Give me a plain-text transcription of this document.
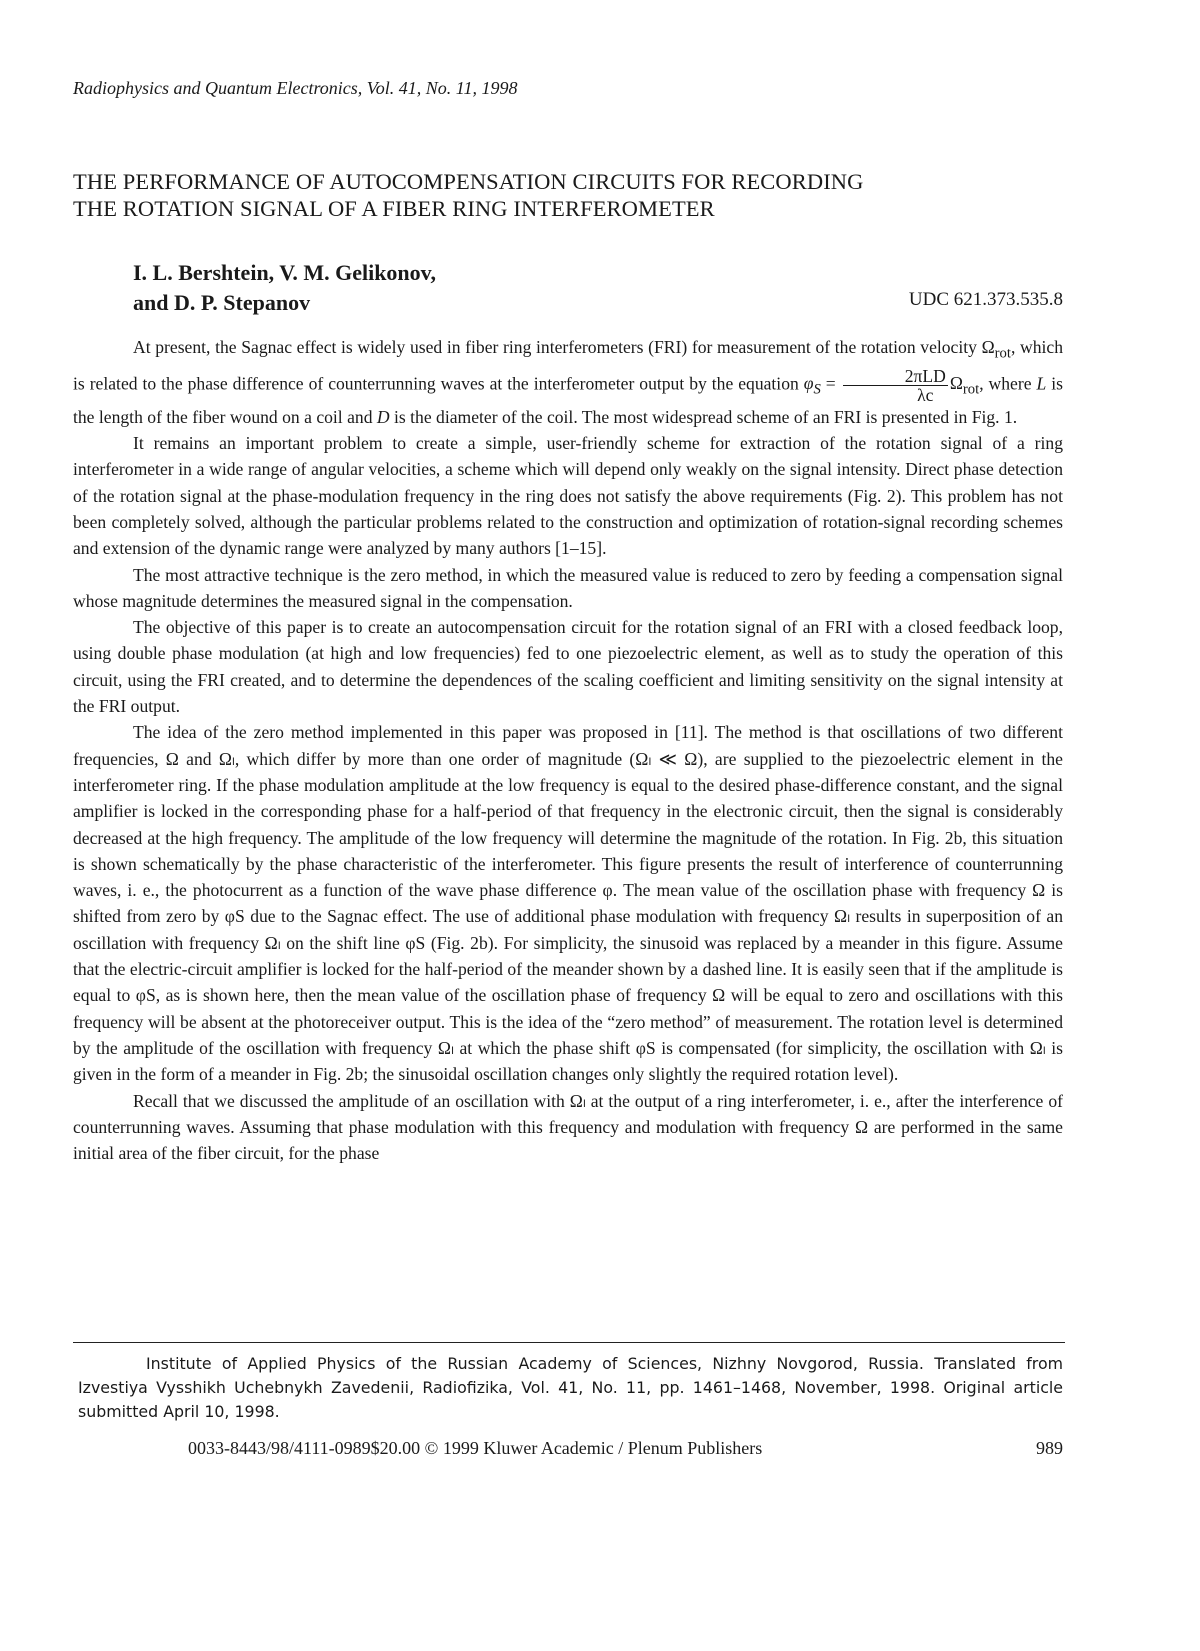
Radiophysics and Quantum Electronics, Vol. 41, No. 11, 1998
THE PERFORMANCE OF AUTOCOMPENSATION CIRCUITS FOR RECORDING
THE ROTATION SIGNAL OF A FIBER RING INTERFEROMETER
I. L. Bershtein, V. M. Gelikonov,
and D. P. Stepanov	UDC 621.373.535.8

At present, the Sagnac effect is widely used in fiber ring interferometers (FRI) for measurement of the rotation velocity $\Omega_{rot}$, which is related to the phase difference of counterrunning waves at the interferometer output by the equation $\varphi_S = \frac{\text{2πLD}}{\lambda c} \Omega_{rot}$, where L is the length of the fiber wound on a coil and D is the diameter of the coil. The most widespread scheme of an FRI is presented in Fig. 1.

It remains an important problem to create a simple, user-friendly scheme for extraction of the rotation signal of a ring interferometer in a wide range of angular velocities, a scheme which will depend only weakly on the signal intensity. Direct phase detection of the rotation signal at the phase-modulation frequency in the ring does not satisfy the above requirements (Fig. 2). This problem has not been completely solved, although the particular problems related to the construction and optimization of rotation-signal recording schemes and extension of the dynamic range were analyzed by many authors [1–15].

The most attractive technique is the zero method, in which the measured value is reduced to zero by feeding a compensation signal whose magnitude determines the measured signal in the compensation.

The objective of this paper is to create an autocompensation circuit for the rotation signal of an FRI with a closed feedback loop, using double phase modulation (at high and low frequencies) fed to one piezoelectric element, as well as to study the operation of this circuit, using the FRI created, and to determine the dependences of the scaling coefficient and limiting sensitivity on the signal intensity at the FRI output.

The idea of the zero method implemented in this paper was proposed in [11]. The method is that oscillations of two different frequencies, Ω and Ωₗ, which differ by more than one order of magnitude (Ωₗ ≪ Ω), are supplied to the piezoelectric element in the interferometer ring. If the phase modulation amplitude at the low frequency is equal to the desired phase-difference constant, and the signal amplifier is locked in the corresponding phase for a half-period of that frequency in the electronic circuit, then the signal is considerably decreased at the high frequency. The amplitude of the low frequency will determine the magnitude of the rotation. In Fig. 2b, this situation is shown schematically by the phase characteristic of the interferometer. This figure presents the result of interference of counterrunning waves, i. e., the photocurrent as a function of the wave phase difference φ. The mean value of the oscillation phase with frequency Ω is shifted from zero by φS due to the Sagnac effect. The use of additional phase modulation with frequency Ωₗ results in superposition of an oscillation with frequency Ωₗ on the shift line φS (Fig. 2b). For simplicity, the sinusoid was replaced by a meander in this figure. Assume that the electric-circuit amplifier is locked for the half-period of the meander shown by a dashed line. It is easily seen that if the amplitude is equal to φS, as is shown here, then the mean value of the oscillation phase of frequency Ω will be equal to zero and oscillations with this frequency will be absent at the photoreceiver output. This is the idea of the “zero method” of measurement. The rotation level is determined by the amplitude of the oscillation with frequency Ωₗ at which the phase shift φS is compensated (for simplicity, the oscillation with Ωₗ is given in the form of a meander in Fig. 2b; the sinusoidal oscillation changes only slightly the required rotation level).

Recall that we discussed the amplitude of an oscillation with Ωₗ at the output of a ring interferometer, i. e., after the interference of counterrunning waves. Assuming that phase modulation with this frequency and modulation with frequency Ω are performed in the same initial area of the fiber circuit, for the phase

Institute of Applied Physics of the Russian Academy of Sciences, Nizhny Novgorod, Russia. Translated from Izvestiya Vysshikh Uchebnykh Zavedenii, Radiofizika, Vol. 41, No. 11, pp. 1461–1468, November, 1998. Original article submitted April 10, 1998.

0033-8443/98/4111-0989$20.00 © 1999 Kluwer Academic / Plenum Publishers	989
